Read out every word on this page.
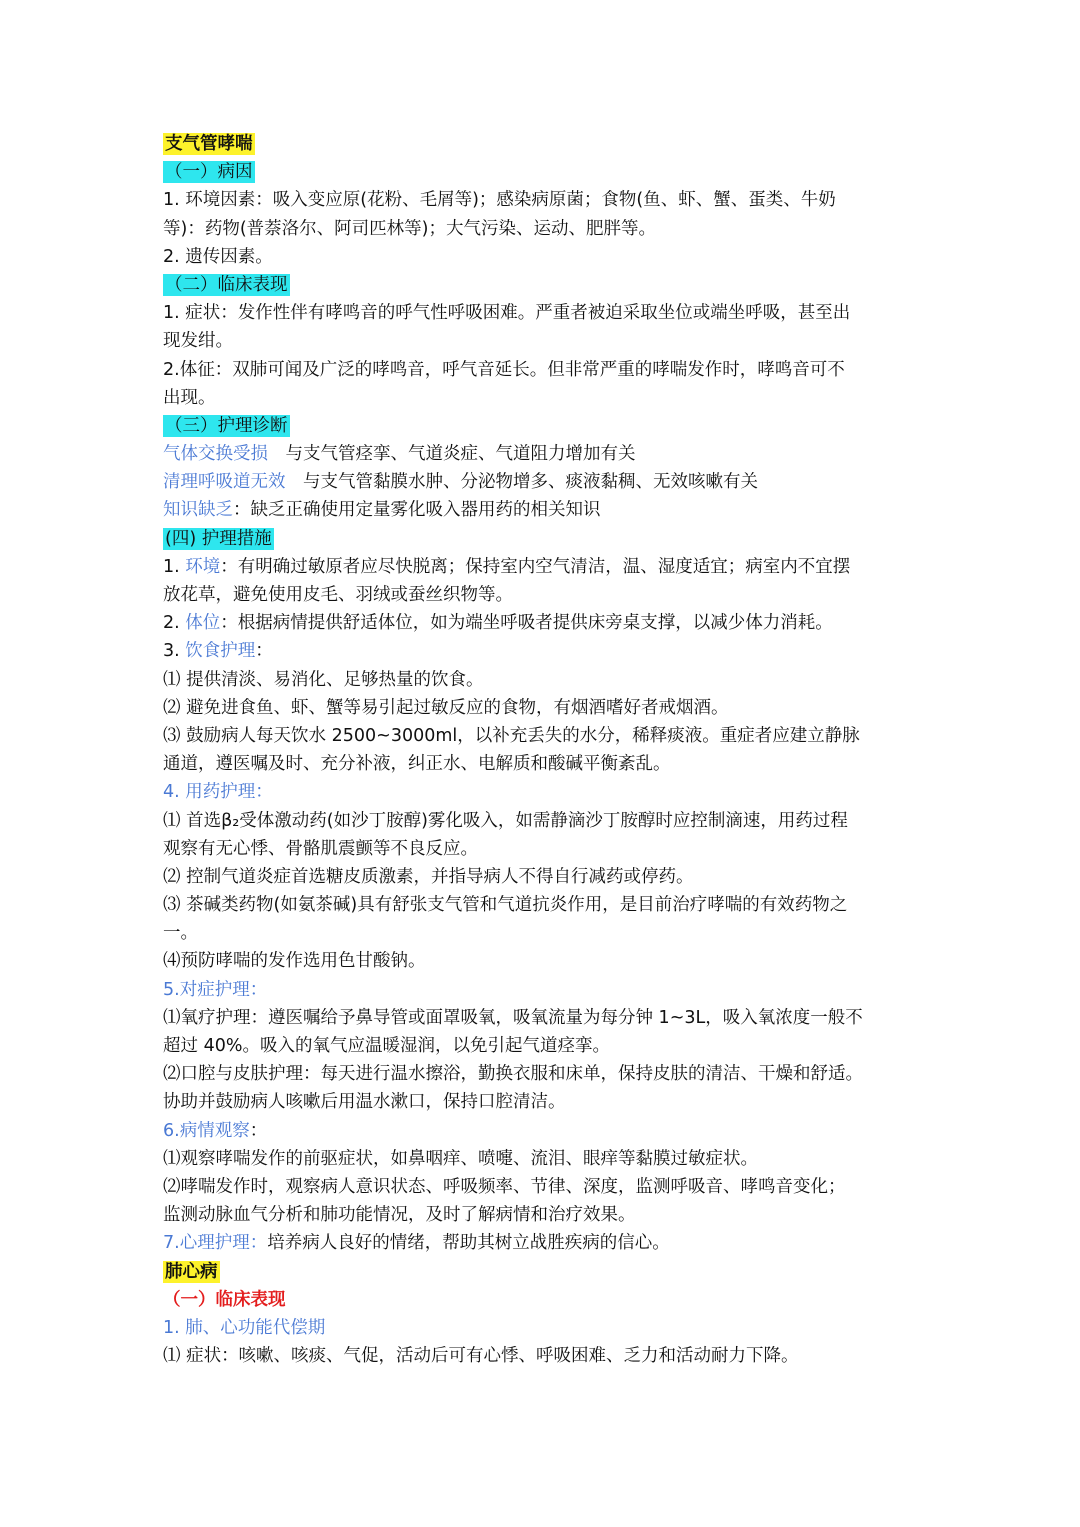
支气管哮喘
（一）病因
1. 环境因素：吸入变应原(花粉、毛屑等)；感染病原菌；食物(鱼、虾、蟹、蛋类、牛奶
等)：药物(普萘洛尔、阿司匹林等)；大气污染、运动、肥胖等。
2. 遗传因素。
（二）临床表现
1. 症状：发作性伴有哮鸣音的呼气性呼吸困难。严重者被迫采取坐位或端坐呼吸，甚至出
现发绀。
2.体征：双肺可闻及广泛的哮鸣音，呼气音延长。但非常严重的哮喘发作时，哮鸣音可不
出现。
（三）护理诊断
气体交换受损　与支气管痉挛、气道炎症、气道阻力增加有关
清理呼吸道无效　与支气管黏膜水肿、分泌物增多、痰液黏稠、无效咳嗽有关
知识缺乏：缺乏正确使用定量雾化吸入器用药的相关知识
(四) 护理措施
1. 环境：有明确过敏原者应尽快脱离；保持室内空气清洁，温、湿度适宜；病室内不宜摆
放花草，避免使用皮毛、羽绒或蚕丝织物等。
2. 体位：根据病情提供舒适体位，如为端坐呼吸者提供床旁桌支撑，以减少体力消耗。
3. 饮食护理：
⑴ 提供清淡、易消化、足够热量的饮食。
⑵ 避免进食鱼、虾、蟹等易引起过敏反应的食物，有烟酒嗜好者戒烟酒。
⑶ 鼓励病人每天饮水 2500~3000ml，以补充丢失的水分，稀释痰液。重症者应建立静脉
通道，遵医嘱及时、充分补液，纠正水、电解质和酸碱平衡紊乱。
4. 用药护理：
⑴ 首选β₂受体激动药(如沙丁胺醇)雾化吸入，如需静滴沙丁胺醇时应控制滴速，用药过程
观察有无心悸、骨骼肌震颤等不良反应。
⑵ 控制气道炎症首选糖皮质激素，并指导病人不得自行减药或停药。
⑶ 茶碱类药物(如氨茶碱)具有舒张支气管和气道抗炎作用，是目前治疗哮喘的有效药物之
一。
⑷预防哮喘的发作选用色甘酸钠。
5.对症护理：
⑴氧疗护理：遵医嘱给予鼻导管或面罩吸氧，吸氧流量为每分钟 1~3L，吸入氧浓度一般不
超过 40%。吸入的氧气应温暖湿润，以免引起气道痉挛。
⑵口腔与皮肤护理：每天进行温水擦浴，勤换衣服和床单，保持皮肤的清洁、干燥和舒适。
协助并鼓励病人咳嗽后用温水漱口，保持口腔清洁。
6.病情观察：
⑴观察哮喘发作的前驱症状，如鼻咽痒、喷嚏、流泪、眼痒等黏膜过敏症状。
⑵哮喘发作时，观察病人意识状态、呼吸频率、节律、深度，监测呼吸音、哮鸣音变化；
监测动脉血气分析和肺功能情况，及时了解病情和治疗效果。
7.心理护理：培养病人良好的情绪，帮助其树立战胜疾病的信心。
肺心病
（一）临床表现
1. 肺、心功能代偿期
⑴ 症状：咳嗽、咳痰、气促，活动后可有心悸、呼吸困难、乏力和活动耐力下降。
